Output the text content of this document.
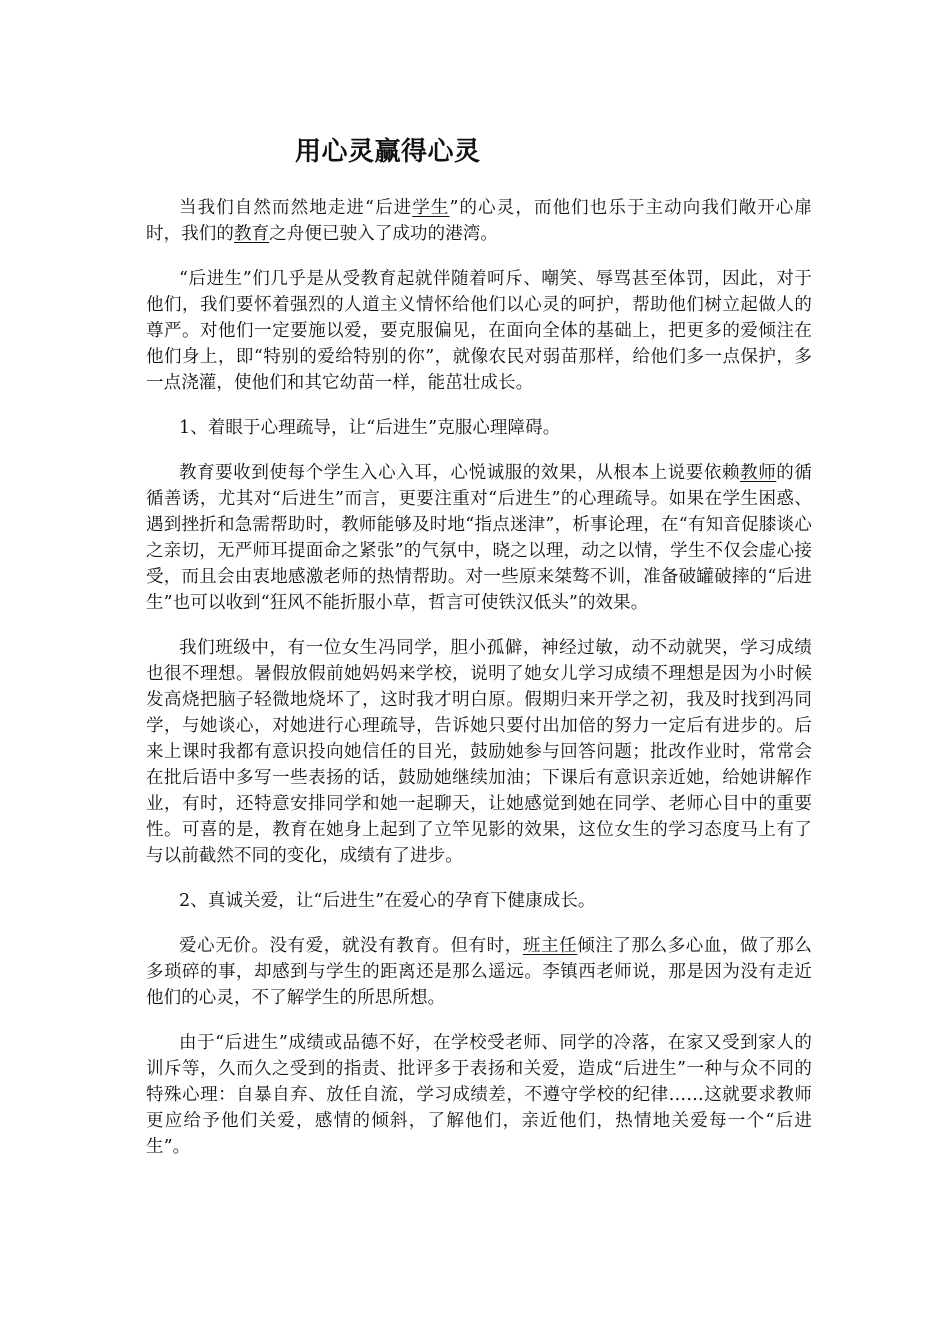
用心灵赢得心灵

当我们自然而然地走进“后进学生”的心灵，而他们也乐于主动向我们敞开心扉时，我们的教育之舟便已驶入了成功的港湾。

“后进生”们几乎是从受教育起就伴随着呵斥、嘲笑、辱骂甚至体罚，因此，对于他们，我们要怀着强烈的人道主义情怀给他们以心灵的呵护，帮助他们树立起做人的尊严。对他们一定要施以爱，要克服偏见，在面向全体的基础上，把更多的爱倾注在他们身上，即“特别的爱给特别的你”，就像农民对弱苗那样，给他们多一点保护，多一点浇灌，使他们和其它幼苗一样，能茁壮成长。

1、着眼于心理疏导，让“后进生”克服心理障碍。

教育要收到使每个学生入心入耳，心悦诚服的效果，从根本上说要依赖教师的循循善诱，尤其对“后进生”而言，更要注重对“后进生”的心理疏导。如果在学生困惑、遇到挫折和急需帮助时，教师能够及时地“指点迷津”，析事论理，在“有知音促膝谈心之亲切，无严师耳提面命之紧张”的气氛中，晓之以理，动之以情，学生不仅会虚心接受，而且会由衷地感激老师的热情帮助。对一些原来桀骜不训，准备破罐破摔的“后进生”也可以收到“狂风不能折服小草，哲言可使铁汉低头”的效果。

我们班级中，有一位女生冯同学，胆小孤僻，神经过敏，动不动就哭，学习成绩也很不理想。暑假放假前她妈妈来学校，说明了她女儿学习成绩不理想是因为小时候发高烧把脑子轻微地烧坏了，这时我才明白原。假期归来开学之初，我及时找到冯同学，与她谈心，对她进行心理疏导，告诉她只要付出加倍的努力一定后有进步的。后来上课时我都有意识投向她信任的目光，鼓励她参与回答问题；批改作业时，常常会在批后语中多写一些表扬的话，鼓励她继续加油；下课后有意识亲近她，给她讲解作业，有时，还特意安排同学和她一起聊天，让她感觉到她在同学、老师心目中的重要性。可喜的是，教育在她身上起到了立竿见影的效果，这位女生的学习态度马上有了与以前截然不同的变化，成绩有了进步。

2、真诚关爱，让“后进生”在爱心的孕育下健康成长。

爱心无价。没有爱，就没有教育。但有时，班主任倾注了那么多心血，做了那么多琐碎的事，却感到与学生的距离还是那么遥远。李镇西老师说，那是因为没有走近他们的心灵，不了解学生的所思所想。

由于“后进生”成绩或品德不好，在学校受老师、同学的冷落，在家又受到家人的训斥等，久而久之受到的指责、批评多于表扬和关爱，造成“后进生”一种与众不同的特殊心理：自暴自弃、放任自流，学习成绩差，不遵守学校的纪律……这就要求教师更应给予他们关爱，感情的倾斜，了解他们，亲近他们，热情地关爱每一个“后进生”。
